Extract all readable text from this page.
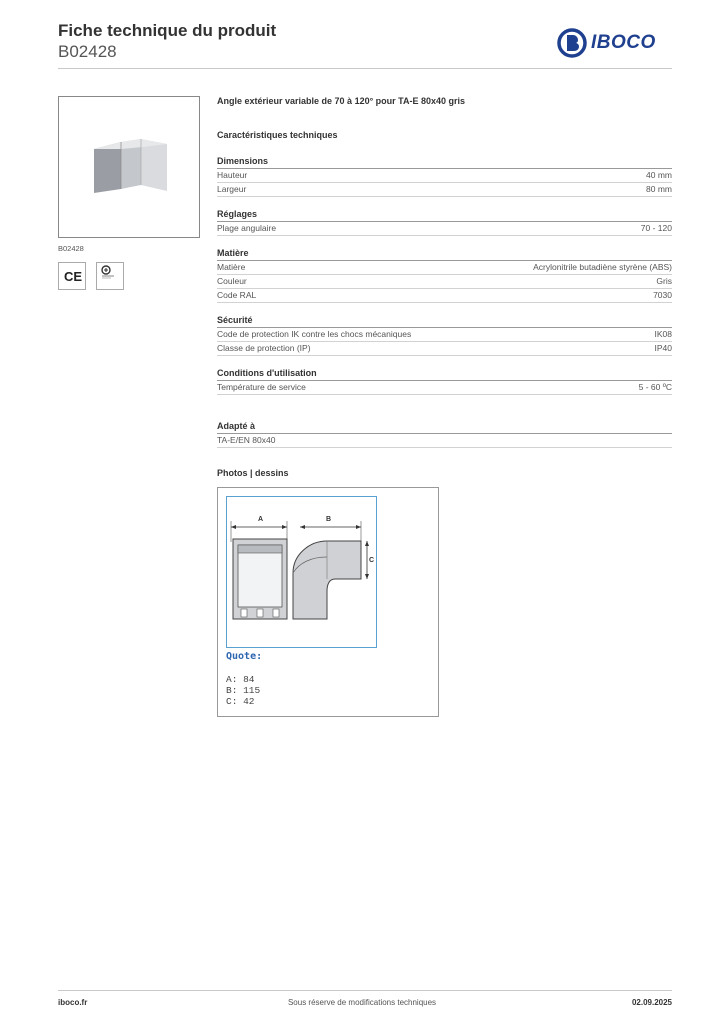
Fiche technique du produit
B02428	IBOCO
B02428
CE
Angle extérieur variable de 70 à 120° pour TA-E 80x40 gris
Caractéristiques techniques
Dimensions
Hauteur	40 mm
Largeur	80 mm
Réglages
Plage angulaire	70 - 120
Matière
Matière	Acrylonitrile butadiène styrène (ABS)
Couleur	Gris
Code RAL	7030
Sécurité
Code de protection IK contre les chocs mécaniques	IK08
Classe de protection (IP)	IP40
Conditions d'utilisation
Température de service	5 - 60 ºC
Adapté à
TA-E/EN 80x40
Photos | dessins
A	B
C
Quote:
A: 84
B: 115
C: 42
iboco.fr	Sous réserve de modifications techniques	02.09.2025
